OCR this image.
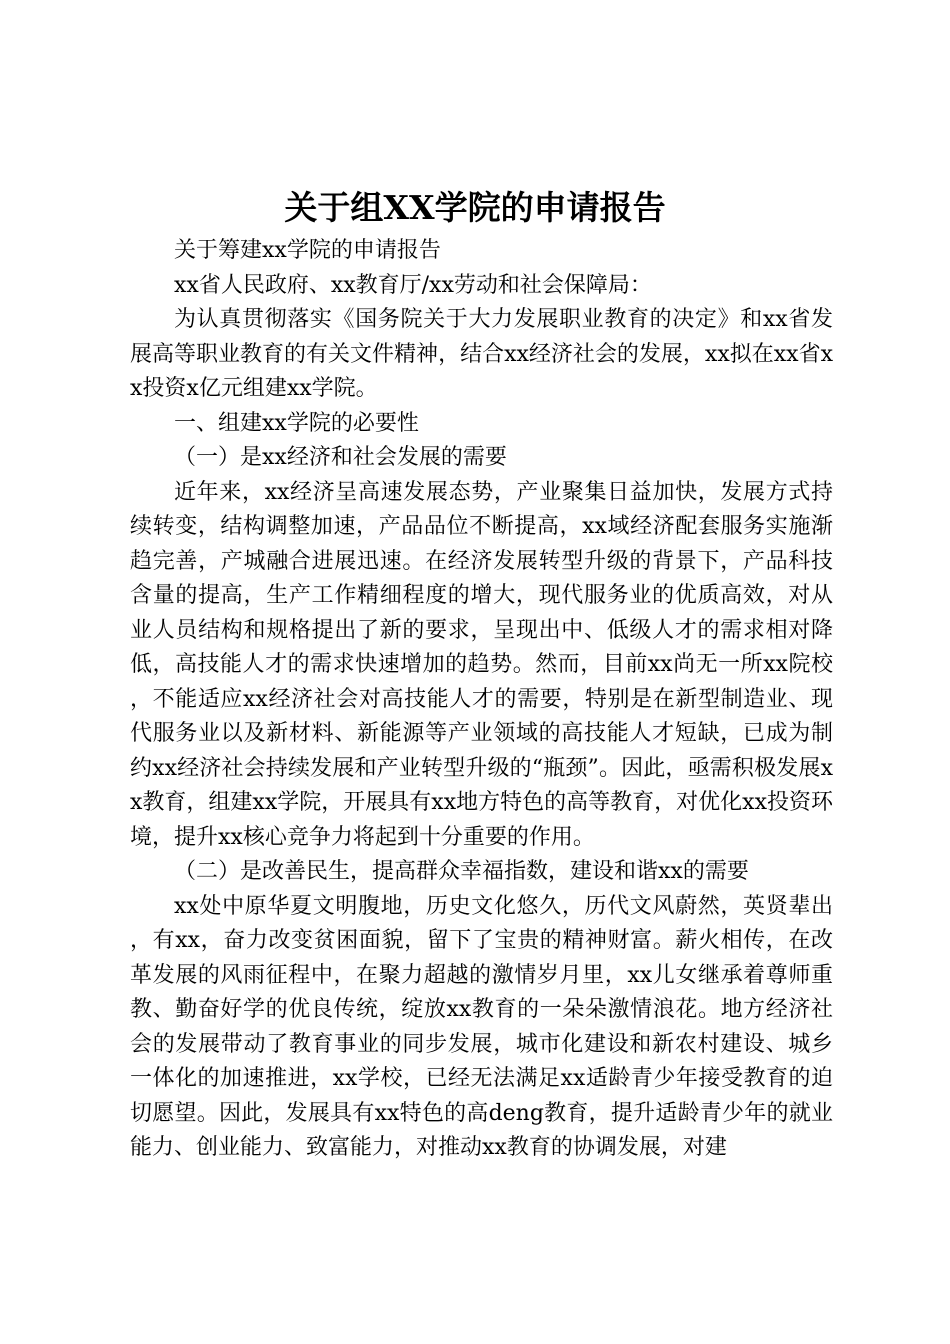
关于组XX学院的申请报告

关于筹建xx学院的申请报告

xx省人民政府、xx教育厅/xx劳动和社会保障局：

为认真贯彻落实《国务院关于大力发展职业教育的决定》和xx省发展高等职业教育的有关文件精神，结合xx经济社会的发展，xx拟在xx省xx投资x亿元组建xx学院。

一、组建xx学院的必要性

（一）是xx经济和社会发展的需要

近年来，xx经济呈高速发展态势，产业聚集日益加快，发展方式持续转变，结构调整加速，产品品位不断提高，xx域经济配套服务实施渐趋完善，产城融合进展迅速。在经济发展转型升级的背景下，产品科技含量的提高，生产工作精细程度的增大，现代服务业的优质高效，对从业人员结构和规格提出了新的要求，呈现出中、低级人才的需求相对降低，高技能人才的需求快速增加的趋势。然而，目前xx尚无一所xx院校，不能适应xx经济社会对高技能人才的需要，特别是在新型制造业、现代服务业以及新材料、新能源等产业领域的高技能人才短缺，已成为制约xx经济社会持续发展和产业转型升级的“瓶颈”。因此，亟需积极发展xx教育，组建xx学院，开展具有xx地方特色的高等教育，对优化xx投资环境，提升xx核心竞争力将起到十分重要的作用。

（二）是改善民生，提高群众幸福指数，建设和谐xx的需要

xx处中原华夏文明腹地，历史文化悠久，历代文风蔚然，英贤辈出，有xx，奋力改变贫困面貌，留下了宝贵的精神财富。薪火相传，在改革发展的风雨征程中，在聚力超越的激情岁月里，xx儿女继承着尊师重教、勤奋好学的优良传统，绽放xx教育的一朵朵激情浪花。地方经济社会的发展带动了教育事业的同步发展，城市化建设和新农村建设、城乡一体化的加速推进，xx学校，已经无法满足xx适龄青少年接受教育的迫切愿望。因此，发展具有xx特色的高deng教育，提升适龄青少年的就业能力、创业能力、致富能力，对推动xx教育的协调发展，对建
